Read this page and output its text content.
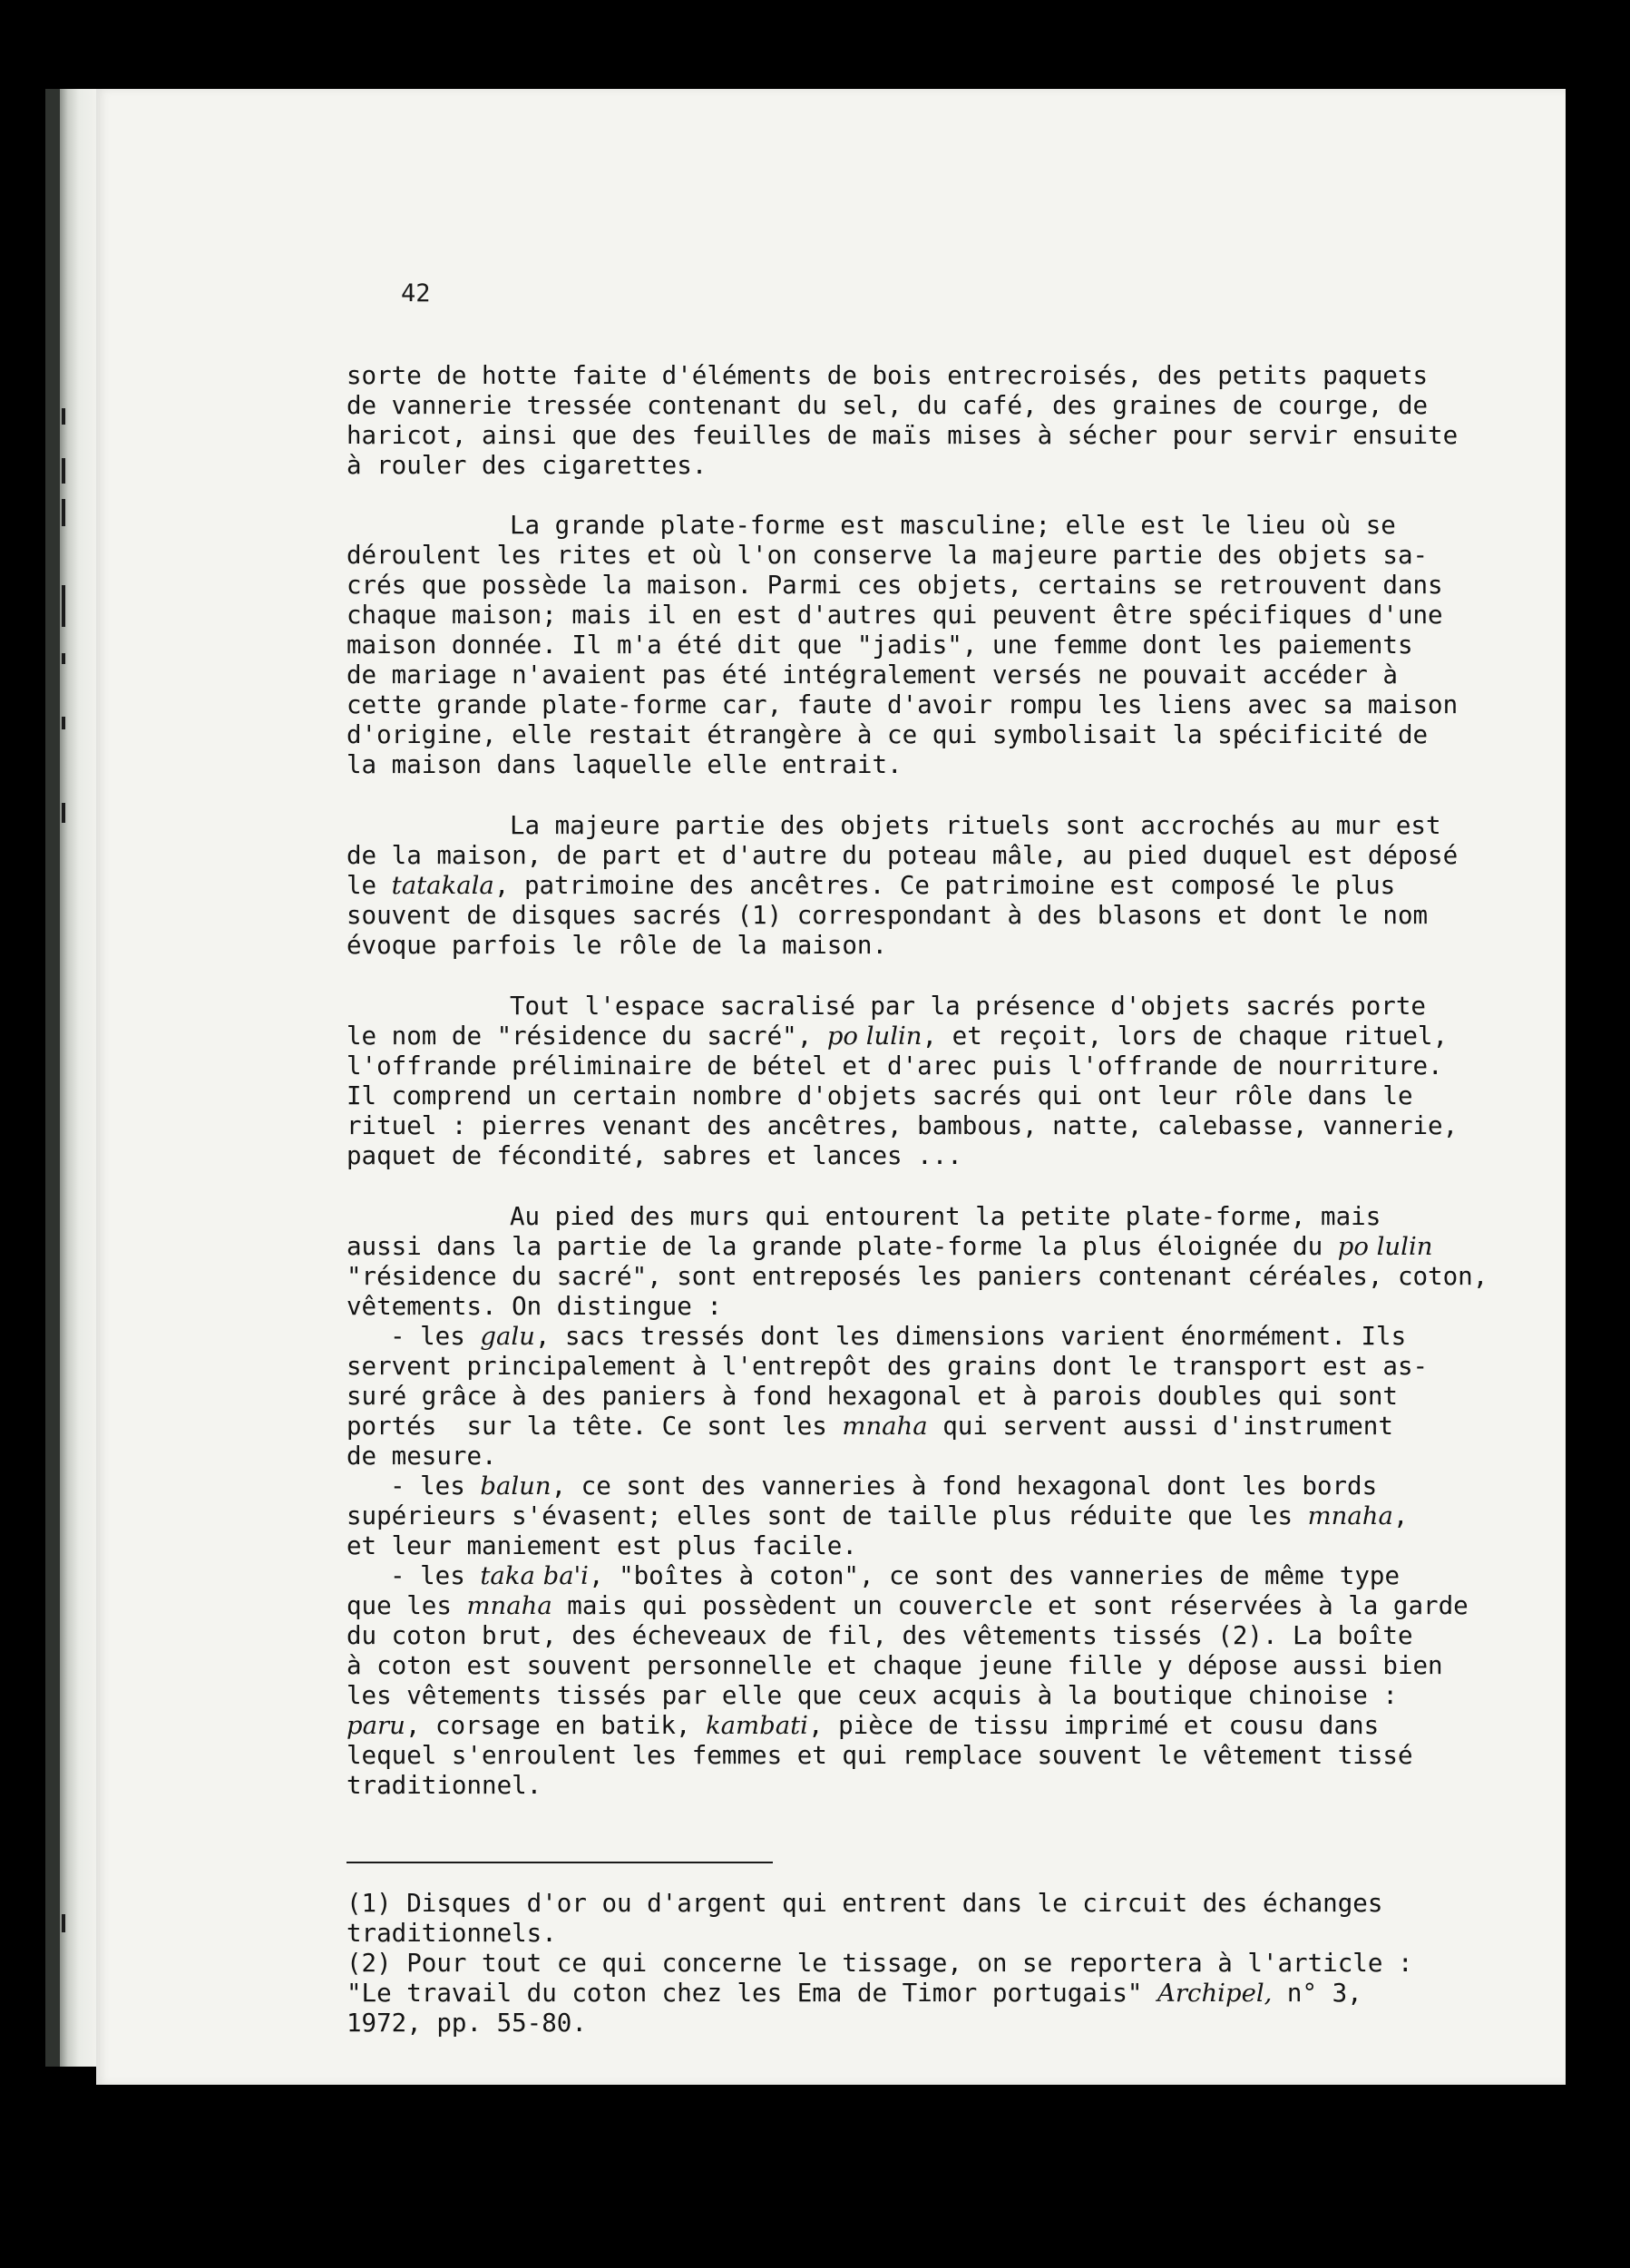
42
sorte de hotte faite d'éléments de bois entrecroisés, des petits paquets
de vannerie tressée contenant du sel, du café, des graines de courge, de
haricot, ainsi que des feuilles de maïs mises à sécher pour servir ensuite
à rouler des cigarettes.
La grande plate-forme est masculine; elle est le lieu où se
déroulent les rites et où l'on conserve la majeure partie des objets sa-
crés que possède la maison. Parmi ces objets, certains se retrouvent dans
chaque maison; mais il en est d'autres qui peuvent être spécifiques d'une
maison donnée. Il m'a été dit que "jadis", une femme dont les paiements
de mariage n'avaient pas été intégralement versés ne pouvait accéder à
cette grande plate-forme car, faute d'avoir rompu les liens avec sa maison
d'origine, elle restait étrangère à ce qui symbolisait la spécificité de
la maison dans laquelle elle entrait.
La majeure partie des objets rituels sont accrochés au mur est
de la maison, de part et d'autre du poteau mâle, au pied duquel est déposé
le tatakala, patrimoine des ancêtres. Ce patrimoine est composé le plus
souvent de disques sacrés (1) correspondant à des blasons et dont le nom
évoque parfois le rôle de la maison.
Tout l'espace sacralisé par la présence d'objets sacrés porte
le nom de "résidence du sacré", po lulin, et reçoit, lors de chaque rituel,
l'offrande préliminaire de bétel et d'arec puis l'offrande de nourriture.
Il comprend un certain nombre d'objets sacrés qui ont leur rôle dans le
rituel : pierres venant des ancêtres, bambous, natte, calebasse, vannerie,
paquet de fécondité, sabres et lances ...
Au pied des murs qui entourent la petite plate-forme, mais
aussi dans la partie de la grande plate-forme la plus éloignée du po lulin
"résidence du sacré", sont entreposés les paniers contenant céréales, coton,
vêtements. On distingue :
- les galu, sacs tressés dont les dimensions varient énormément. Ils
servent principalement à l'entrepôt des grains dont le transport est as-
suré grâce à des paniers à fond hexagonal et à parois doubles qui sont
portés  sur la tête. Ce sont les mnaha qui servent aussi d'instrument
de mesure.
- les balun, ce sont des vanneries à fond hexagonal dont les bords
supérieurs s'évasent; elles sont de taille plus réduite que les mnaha,
et leur maniement est plus facile.
- les taka ba'i, "boîtes à coton", ce sont des vanneries de même type
que les mnaha mais qui possèdent un couvercle et sont réservées à la garde
du coton brut, des écheveaux de fil, des vêtements tissés (2). La boîte
à coton est souvent personnelle et chaque jeune fille y dépose aussi bien
les vêtements tissés par elle que ceux acquis à la boutique chinoise :
paru, corsage en batik, kambati, pièce de tissu imprimé et cousu dans
lequel s'enroulent les femmes et qui remplace souvent le vêtement tissé
traditionnel.
(1) Disques d'or ou d'argent qui entrent dans le circuit des échanges
traditionnels.
(2) Pour tout ce qui concerne le tissage, on se reportera à l'article :
"Le travail du coton chez les Ema de Timor portugais" Archipel, n° 3,
1972, pp. 55-80.
